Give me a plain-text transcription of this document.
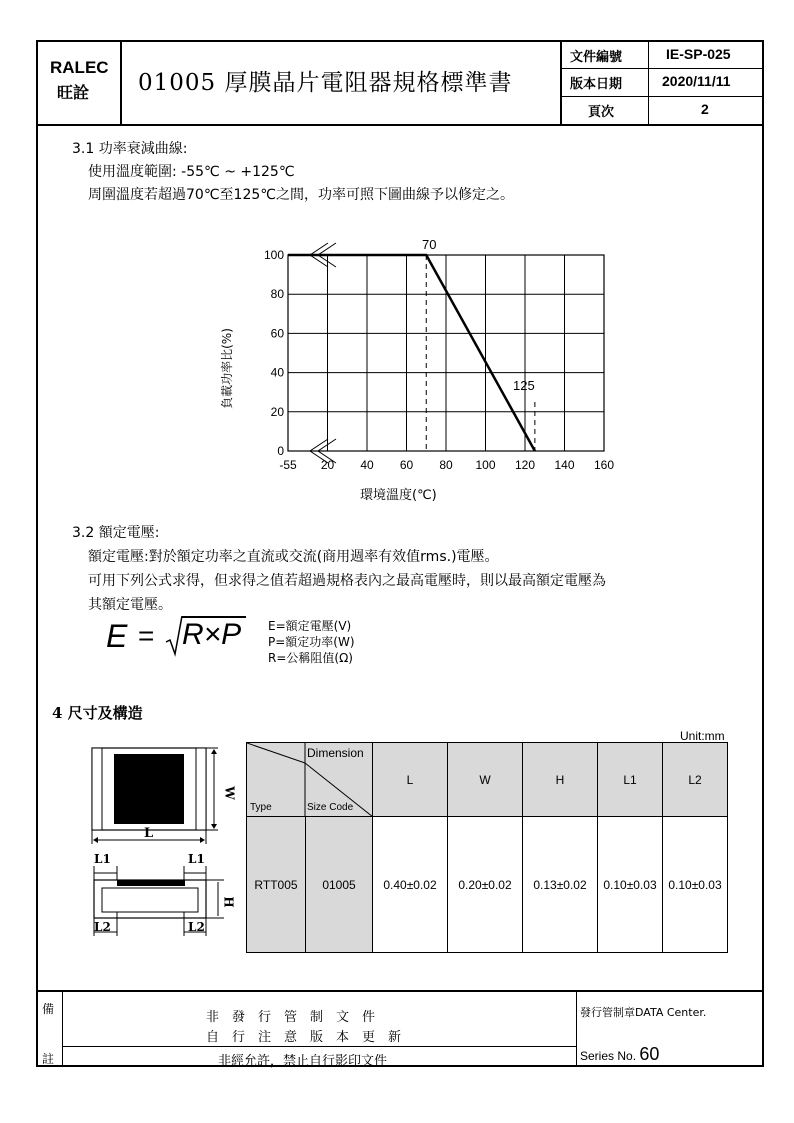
RALEC
旺詮 01005 厚膜晶片電阻器規格標準書
文件編號	IE-SP-025
版本日期	2020/11/11
頁次	2
3.1 功率衰減曲線:
使用溫度範圍: -55℃ ~ +125℃
周圍溫度若超過70℃至125℃之間，功率可照下圖曲線予以修定之。
100
80
60
40
20
0
-55 20 40 60 80 100 120 140 160
環境溫度(℃)
負載功率比(%)
70
125
3.2 額定電壓:
額定電壓:對於額定功率之直流或交流(商用週率有效值rms.)電壓。
可用下列公式求得，但求得之值若超過規格表內之最高電壓時，則以最高額定電壓為
其額定電壓。
E = R×P E=額定電壓(V)
P=額定功率(W)
R=公稱阻值(Ω)
4 尺寸及構造
Unit:mm
L
W
H
L1	L1
L2	L2
Dimension
Type Size Code		L	W	H	L1	L2
RTT005	01005	0.40±0.02	0.20±0.02	0.13±0.02	0.10±0.03	0.10±0.03
備
註
非　發　行　管　制　文　件
自　行　注　意　版　本　更　新
非經允許，禁止自行影印文件
發行管制章DATA Center.
Series No. 60
